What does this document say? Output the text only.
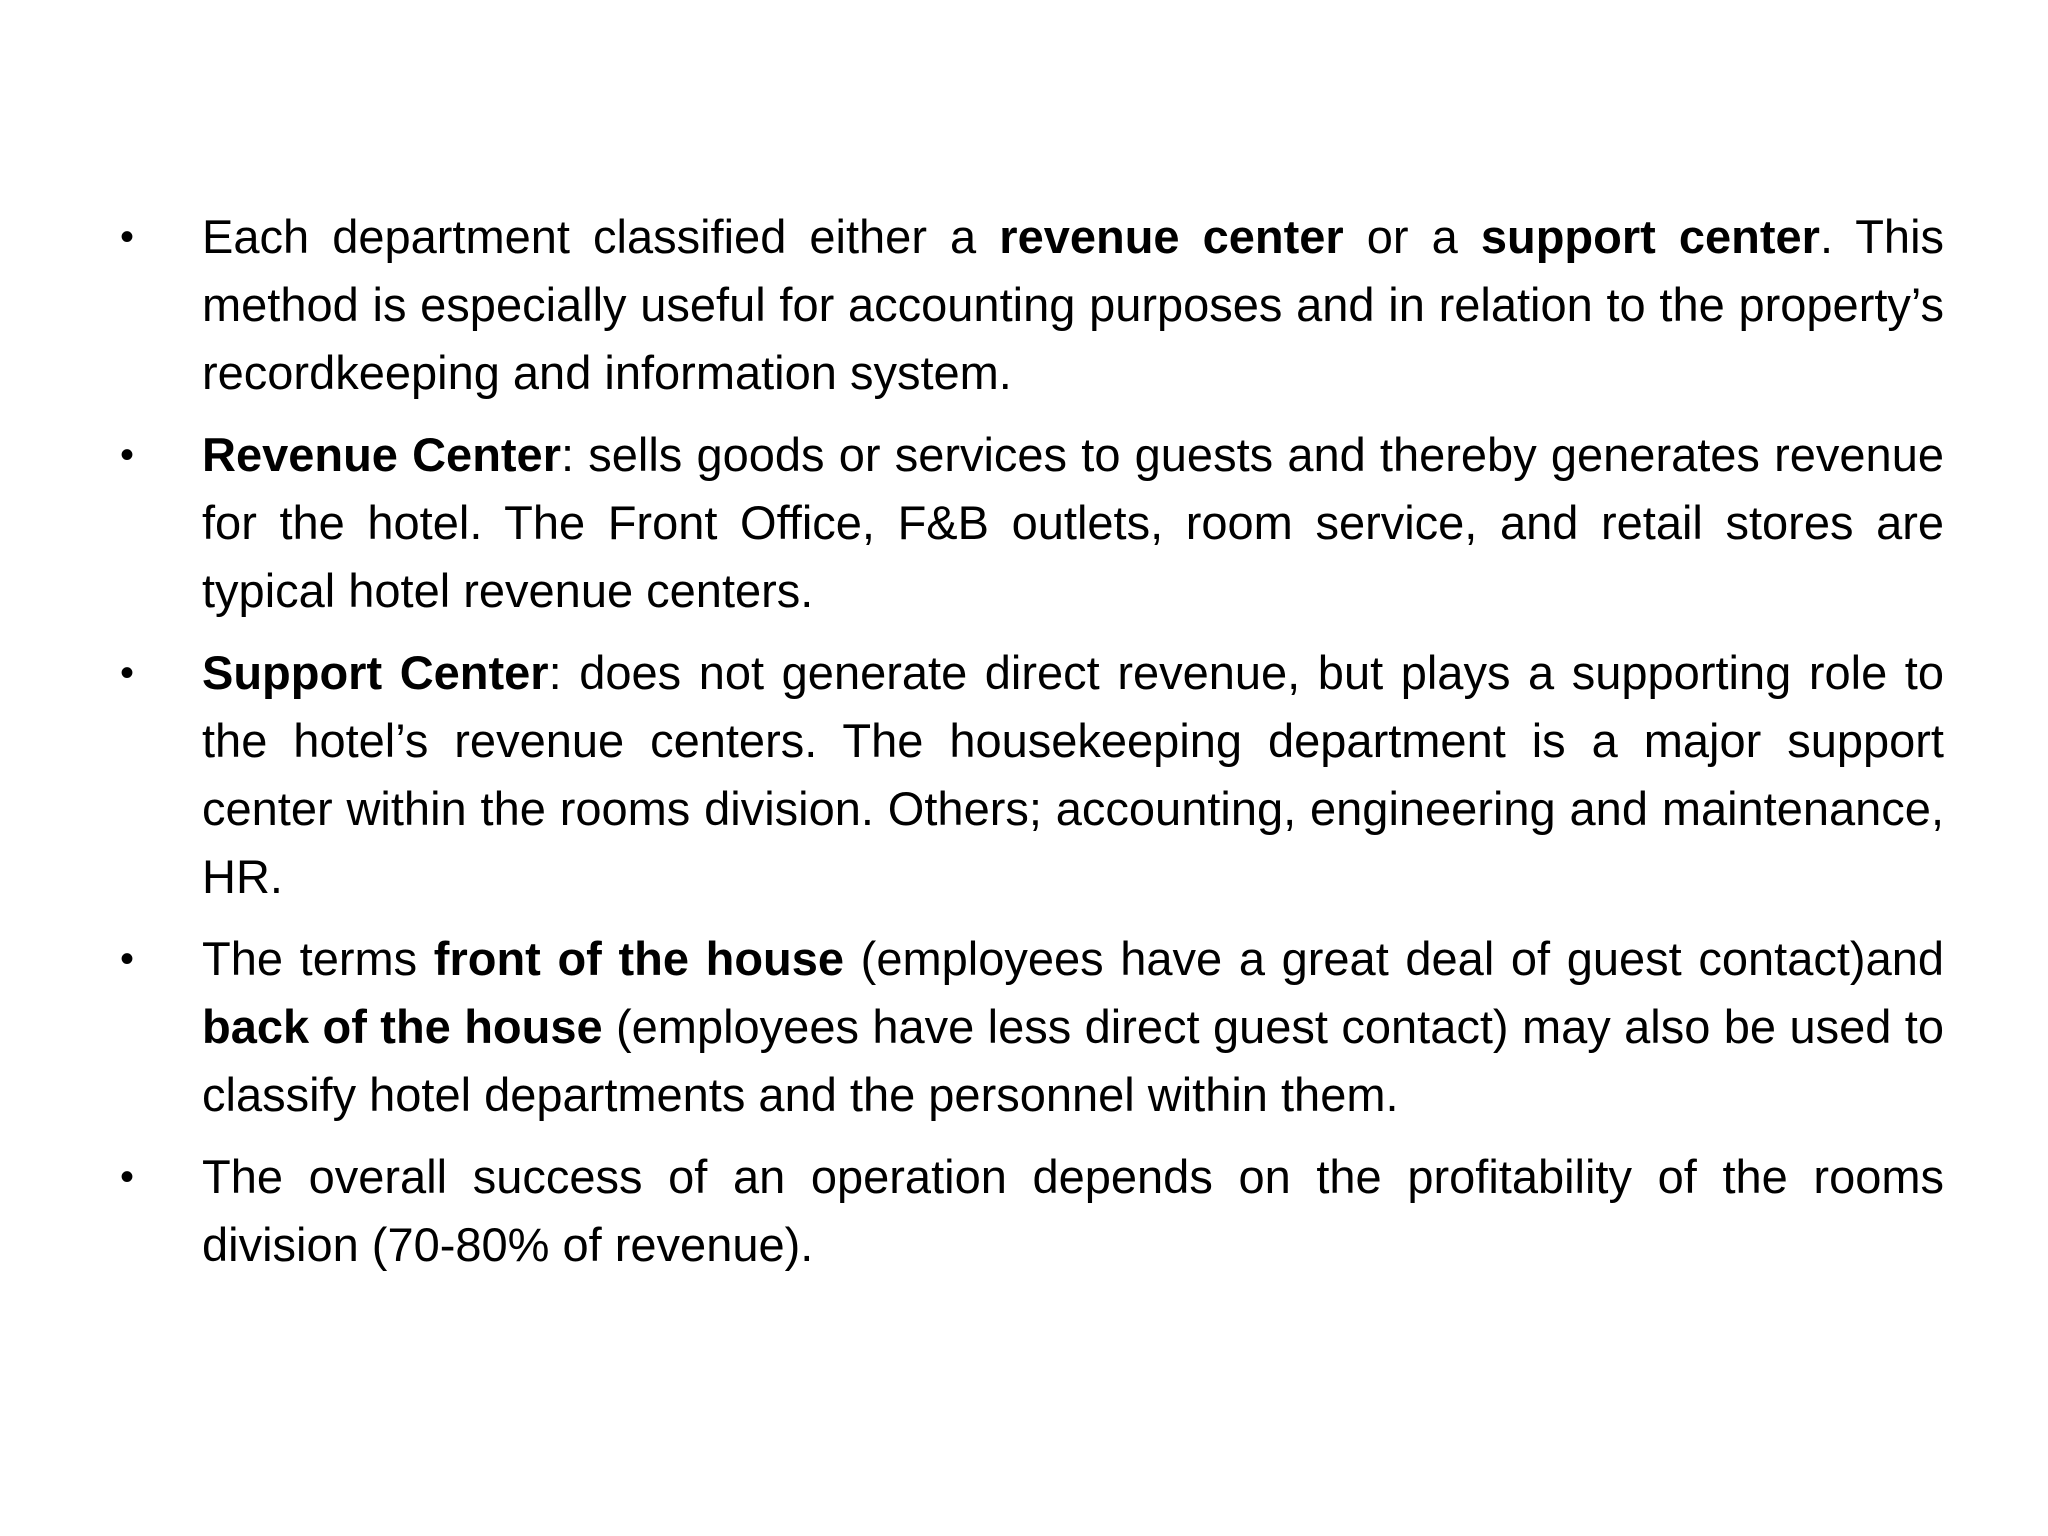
•	Each department classified either a revenue center or a support center. This method is especially useful for accounting purposes and in relation to the property’s recordkeeping and information system.
•	Revenue Center: sells goods or services to guests and thereby generates revenue for the hotel. The Front Office, F&B outlets, room service, and retail stores are typical hotel revenue centers.
•	Support Center: does not generate direct revenue, but plays a supporting role to the hotel’s revenue centers. The housekeeping department is a major support center within the rooms division. Others; accounting, engineering and maintenance, HR.
•	The terms front of the house (employees have a great deal of guest contact)and back of the house (employees have less direct guest contact) may also be used to classify hotel departments and the personnel within them.
•	The overall success of an operation depends on the profitability of the rooms division (70-80% of revenue).
